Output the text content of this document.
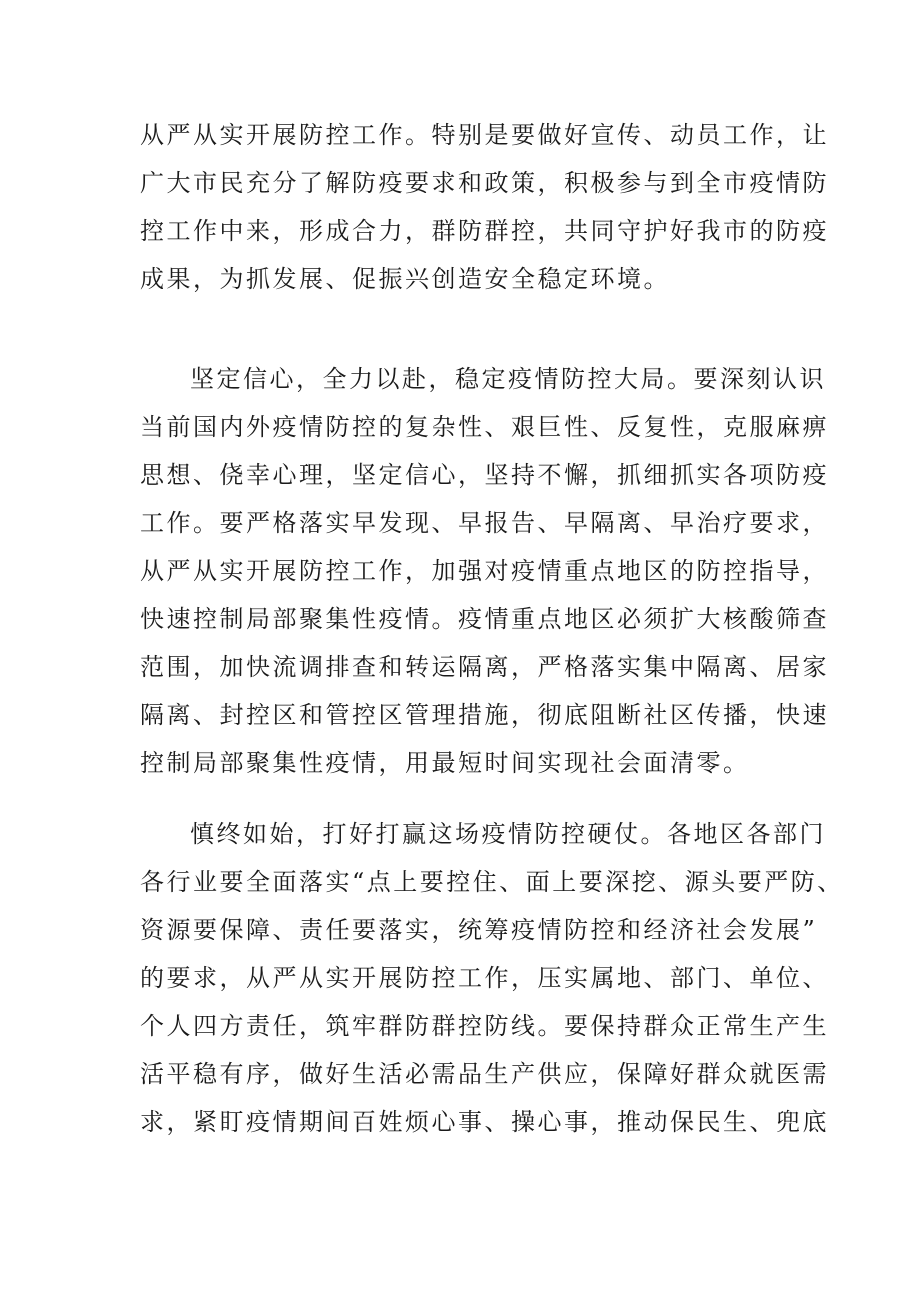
从严从实开展防控工作。特别是要做好宣传、动员工作，让
广大市民充分了解防疫要求和政策，积极参与到全市疫情防
控工作中来，形成合力，群防群控，共同守护好我市的防疫
成果，为抓发展、促振兴创造安全稳定环境。

坚定信心，全力以赴，稳定疫情防控大局。要深刻认识
当前国内外疫情防控的复杂性、艰巨性、反复性，克服麻痹
思想、侥幸心理，坚定信心，坚持不懈，抓细抓实各项防疫
工作。要严格落实早发现、早报告、早隔离、早治疗要求，
从严从实开展防控工作，加强对疫情重点地区的防控指导，
快速控制局部聚集性疫情。疫情重点地区必须扩大核酸筛查
范围，加快流调排查和转运隔离，严格落实集中隔离、居家
隔离、封控区和管控区管理措施，彻底阻断社区传播，快速
控制局部聚集性疫情，用最短时间实现社会面清零。

慎终如始，打好打赢这场疫情防控硬仗。各地区各部门
各行业要全面落实“点上要控住、面上要深挖、源头要严防、
资源要保障、责任要落实，统筹疫情防控和经济社会发展”
的要求，从严从实开展防控工作，压实属地、部门、单位、
个人四方责任，筑牢群防群控防线。要保持群众正常生产生
活平稳有序，做好生活必需品生产供应，保障好群众就医需
求，紧盯疫情期间百姓烦心事、操心事，推动保民生、兜底
